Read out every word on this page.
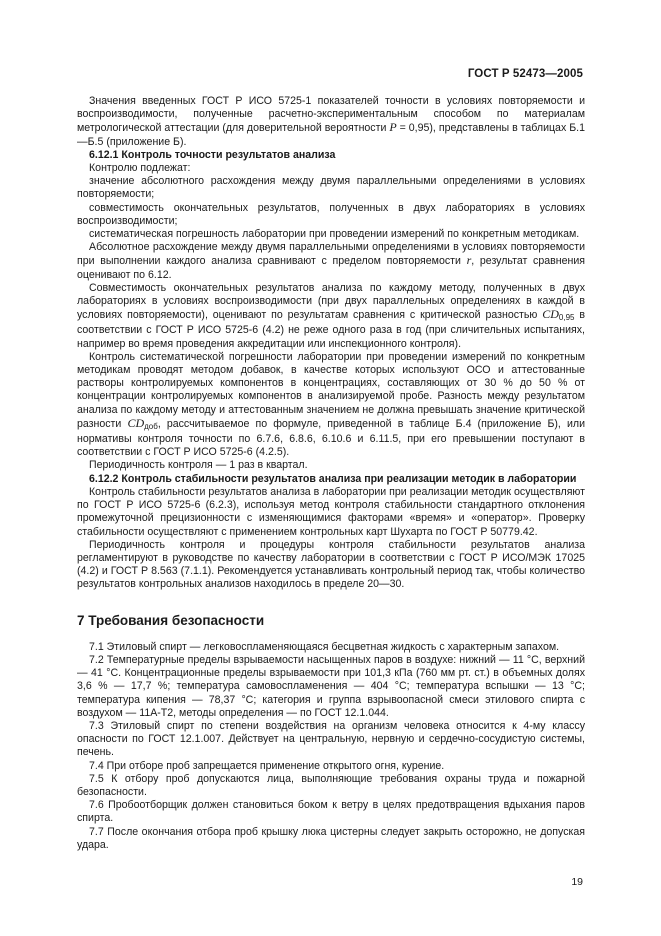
ГОСТ Р 52473—2005

Значения введенных ГОСТ Р ИСО 5725-1 показателей точности в условиях повторяемости и воспроизводимости, полученные расчетно-экспериментальным способом по материалам метрологической аттестации (для доверительной вероятности P = 0,95), представлены в таблицах Б.1—Б.5 (приложение Б).

6.12.1 Контроль точности результатов анализа

Контролю подлежат:

значение абсолютного расхождения между двумя параллельными определениями в условиях повторяемости;

совместимость окончательных результатов, полученных в двух лабораториях в условиях воспроизводимости;

систематическая погрешность лаборатории при проведении измерений по конкретным методикам.

Абсолютное расхождение между двумя параллельными определениями в условиях повторяемости при выполнении каждого анализа сравнивают с пределом повторяемости r, результат сравнения оценивают по 6.12.

Совместимость окончательных результатов анализа по каждому методу, полученных в двух лабораториях в условиях воспроизводимости (при двух параллельных определениях в каждой в условиях повторяемости), оценивают по результатам сравнения с критической разностью $CD_{0,95}$ в соответствии с ГОСТ Р ИСО 5725-6 (4.2) не реже одного раза в год (при сличительных испытаниях, например во время проведения аккредитации или инспекционного контроля).

Контроль систематической погрешности лаборатории при проведении измерений по конкретным методикам проводят методом добавок, в качестве которых используют ОСО и аттестованные растворы контролируемых компонентов в концентрациях, составляющих от 30 % до 50 % от концентрации контролируемых компонентов в анализируемой пробе. Разность между результатом анализа по каждому методу и аттестованным значением не должна превышать значение критической разности $CD_{доб}$, рассчитываемое по формуле, приведенной в таблице Б.4 (приложение Б), или нормативы контроля точности по 6.7.6, 6.8.6, 6.10.6 и 6.11.5, при его превышении поступают в соответствии с ГОСТ Р ИСО 5725-6 (4.2.5).

Периодичность контроля — 1 раз в квартал.

6.12.2 Контроль стабильности результатов анализа при реализации методик в лаборатории

Контроль стабильности результатов анализа в лаборатории при реализации методик осуществляют по ГОСТ Р ИСО 5725-6 (6.2.3), используя метод контроля стабильности стандартного отклонения промежуточной прецизионности с изменяющимися факторами «время» и «оператор». Проверку стабильности осуществляют с применением контрольных карт Шухарта по ГОСТ Р 50779.42.

Периодичность контроля и процедуры контроля стабильности результатов анализа регламентируют в руководстве по качеству лаборатории в соответствии с ГОСТ Р ИСО/МЭК 17025 (4.2) и ГОСТ Р 8.563 (7.1.1). Рекомендуется устанавливать контрольный период так, чтобы количество результатов контрольных анализов находилось в пределе 20—30.

7 Требования безопасности

7.1 Этиловый спирт — легковоспламеняющаяся бесцветная жидкость с характерным запахом.

7.2 Температурные пределы взрываемости насыщенных паров в воздухе: нижний — 11 °С, верхний — 41 °С. Концентрационные пределы взрываемости при 101,3 кПа (760 мм рт. ст.) в объемных долях 3,6 % — 17,7 %; температура самовоспламенения — 404 °С; температура вспышки — 13 °С; температура кипения — 78,37 °С; категория и группа взрывоопасной смеси этилового спирта с воздухом — 11А-Т2, методы определения — по ГОСТ 12.1.044.

7.3 Этиловый спирт по степени воздействия на организм человека относится к 4-му классу опасности по ГОСТ 12.1.007. Действует на центральную, нервную и сердечно-сосудистую системы, печень.

7.4 При отборе проб запрещается применение открытого огня, курение.

7.5 К отбору проб допускаются лица, выполняющие требования охраны труда и пожарной безопасности.

7.6 Пробоотборщик должен становиться боком к ветру в целях предотвращения вдыхания паров спирта.

7.7 После окончания отбора проб крышку люка цистерны следует закрыть осторожно, не допуская удара.

19
